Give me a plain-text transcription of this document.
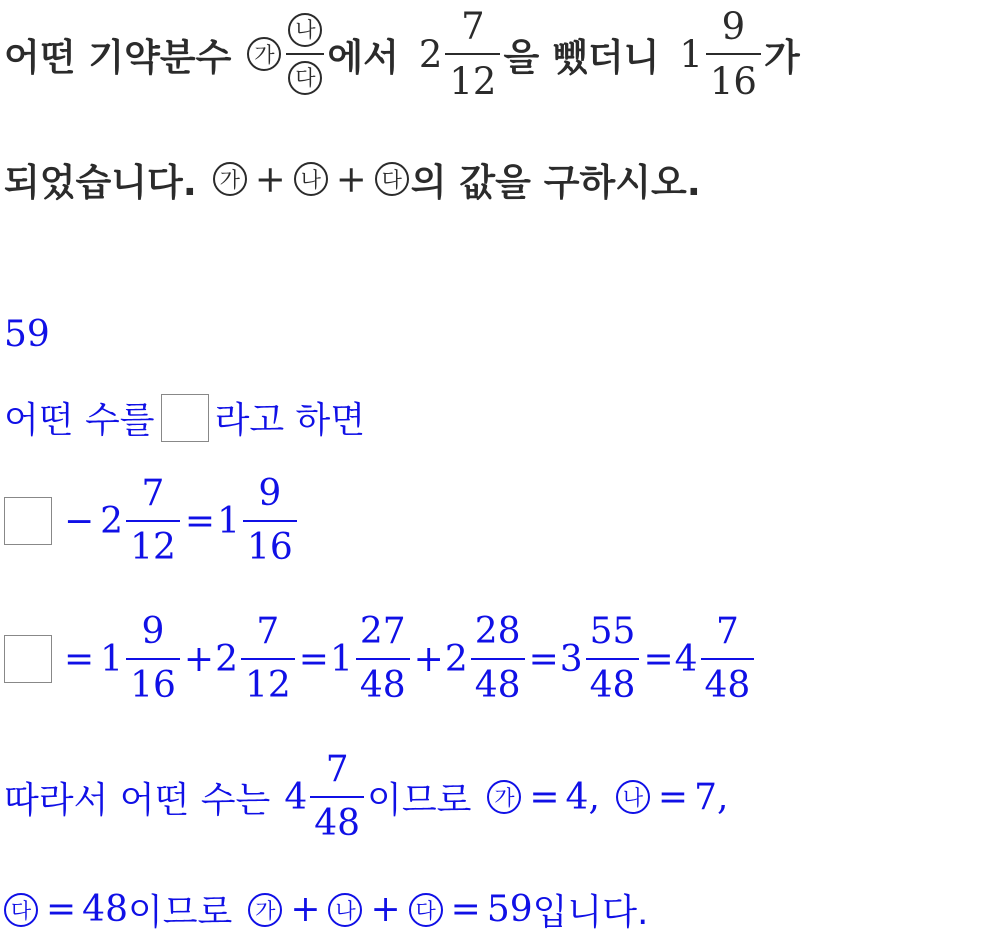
어떤 기약분수	가 $\frac{\text{나}}{\text{다}}$ 에서 $2 \frac{7}{12}$ 을 뺐더니 $1 \frac{9}{16}$ 가
되었습니다.	가 + 나 + 다 의 값을 구하시오.
59
어떤 수를 라고 하면
− $2 \frac{7}{12} = 1 \frac{9}{16}$
= $1 \frac{9}{16} + 2 \frac{7}{12} = 1 \frac{27}{48} + 2 \frac{28}{48} = 3 \frac{55}{48} = 4 \frac{7}{48}$
따라서 어떤 수는 $4 \frac{7}{48}$ 이므로	가 = 4,	나 = 7,
다 = 48 이므로	가 + 나 + 다 = 59 입니다.
